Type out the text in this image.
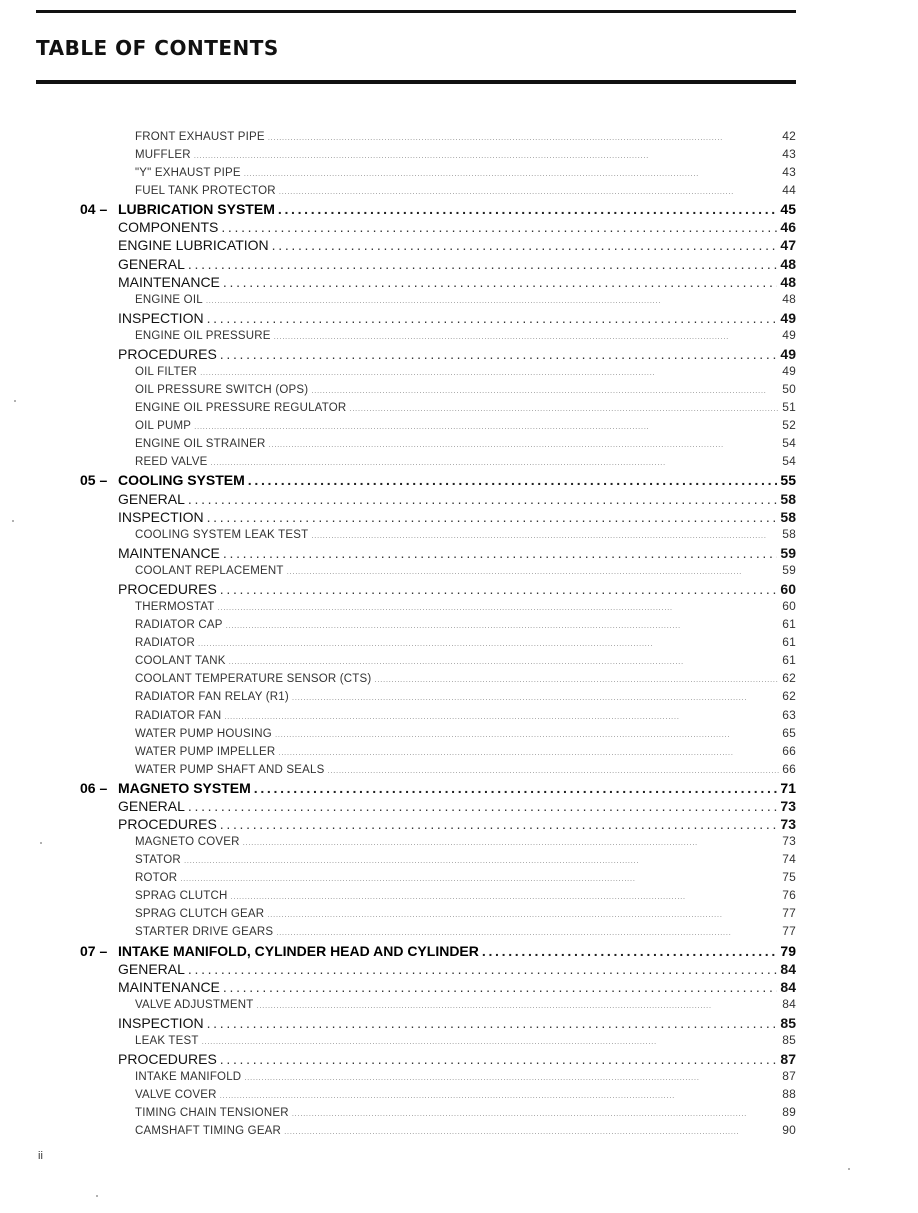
TABLE OF CONTENTS
FRONT EXHAUST PIPE . . .	42
MUFFLER . . .	43
"Y" EXHAUST PIPE . . .	43
FUEL TANK PROTECTOR . . .	44
04 – LUBRICATION SYSTEM . . .	45
COMPONENTS . . .	46
ENGINE LUBRICATION . . .	47
GENERAL . . .	48
MAINTENANCE . . .	48
ENGINE OIL . . .	48
INSPECTION . . .	49
ENGINE OIL PRESSURE . . .	49
PROCEDURES . . .	49
OIL FILTER . . .	49
OIL PRESSURE SWITCH (OPS) . . .	50
ENGINE OIL PRESSURE REGULATOR . . .	51
OIL PUMP . . .	52
ENGINE OIL STRAINER . . .	54
REED VALVE . . .	54
05 – COOLING SYSTEM . . .	55
GENERAL . . .	58
INSPECTION . . .	58
COOLING SYSTEM LEAK TEST . . .	58
MAINTENANCE . . .	59
COOLANT REPLACEMENT . . .	59
PROCEDURES . . .	60
THERMOSTAT . . .	60
RADIATOR CAP . . .	61
RADIATOR . . .	61
COOLANT TANK . . .	61
COOLANT TEMPERATURE SENSOR (CTS) . . .	62
RADIATOR FAN RELAY (R1) . . .	62
RADIATOR FAN . . .	63
WATER PUMP HOUSING . . .	65
WATER PUMP IMPELLER . . .	66
WATER PUMP SHAFT AND SEALS . . .	66
06 – MAGNETO SYSTEM . . .	71
GENERAL . . .	73
PROCEDURES . . .	73
MAGNETO COVER . . .	73
STATOR . . .	74
ROTOR . . .	75
SPRAG CLUTCH . . .	76
SPRAG CLUTCH GEAR . . .	77
STARTER DRIVE GEARS . . .	77
07 – INTAKE MANIFOLD, CYLINDER HEAD AND CYLINDER . . .	79
GENERAL . . .	84
MAINTENANCE . . .	84
VALVE ADJUSTMENT . . .	84
INSPECTION . . .	85
LEAK TEST . . .	85
PROCEDURES . . .	87
INTAKE MANIFOLD . . .	87
VALVE COVER . . .	88
TIMING CHAIN TENSIONER . . .	89
CAMSHAFT TIMING GEAR . . .	90

ii
